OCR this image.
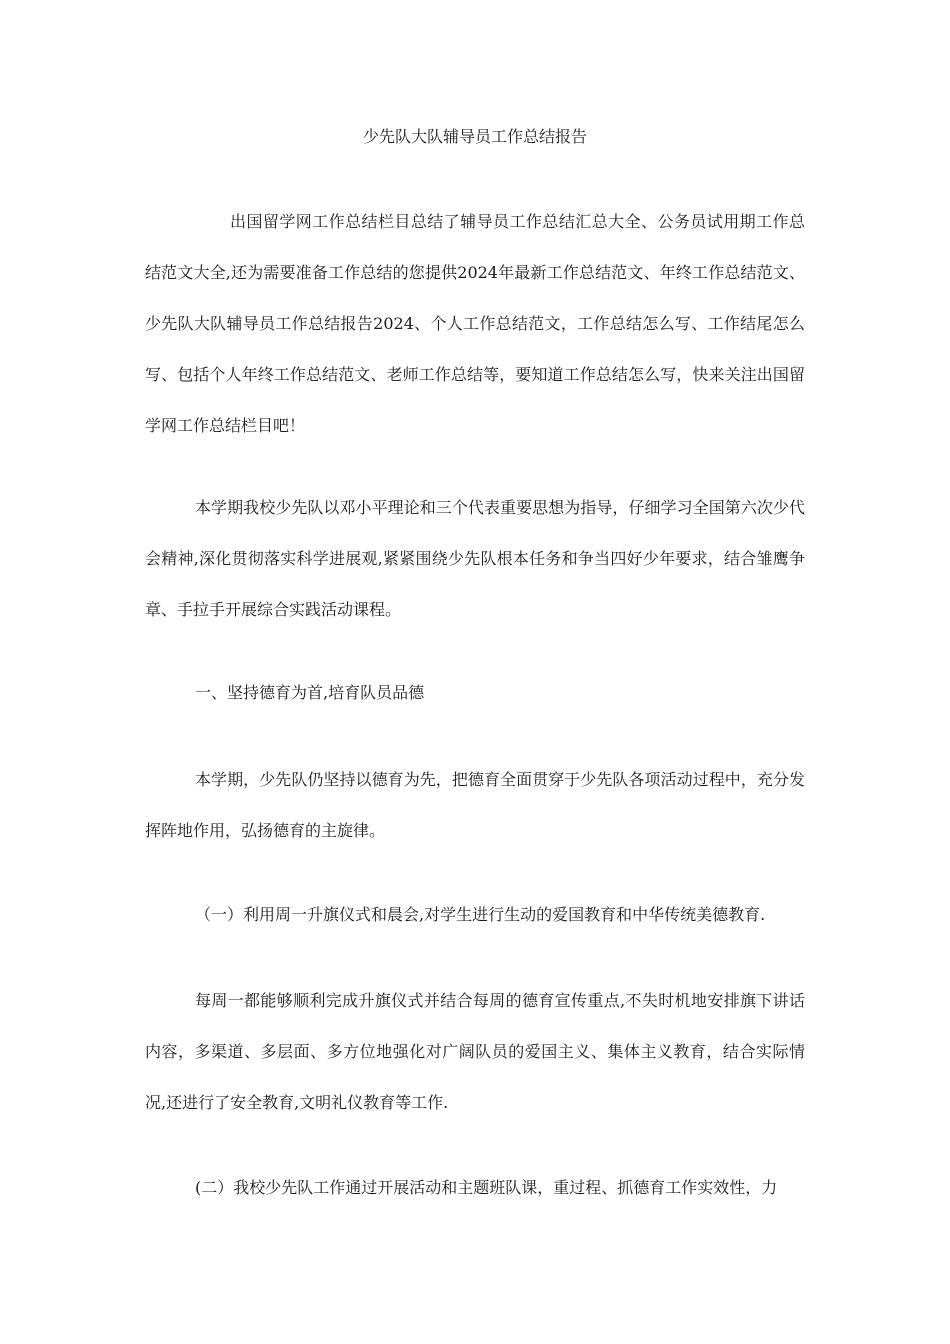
少先队大队辅导员工作总结报告

出国留学网工作总结栏目总结了辅导员工作总结汇总大全、公务员试用期工作总结范文大全,还为需要准备工作总结的您提供2024年最新工作总结范文、年终工作总结范文、少先队大队辅导员工作总结报告2024、个人工作总结范文，工作总结怎么写、工作结尾怎么写、包括个人年终工作总结范文、老师工作总结等，要知道工作总结怎么写，快来关注出国留学网工作总结栏目吧！

本学期我校少先队以邓小平理论和三个代表重要思想为指导，仔细学习全国第六次少代会精神,深化贯彻落实科学进展观,紧紧围绕少先队根本任务和争当四好少年要求，结合雏鹰争章、手拉手开展综合实践活动课程。

一、坚持德育为首,培育队员品德

本学期，少先队仍坚持以德育为先，把德育全面贯穿于少先队各项活动过程中，充分发挥阵地作用，弘扬德育的主旋律。

（一）利用周一升旗仪式和晨会,对学生进行生动的爱国教育和中华传统美德教育.

每周一都能够顺利完成升旗仪式并结合每周的德育宣传重点,不失时机地安排旗下讲话内容，多渠道、多层面、多方位地强化对广阔队员的爱国主义、集体主义教育，结合实际情况,还进行了安全教育,文明礼仪教育等工作.

(二）我校少先队工作通过开展活动和主题班队课，重过程、抓德育工作实效性，力
